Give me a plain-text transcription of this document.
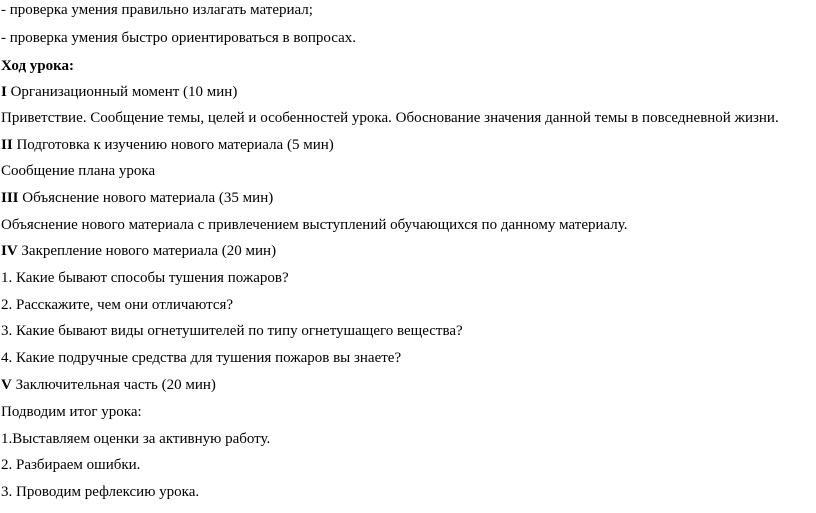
- проверка умения правильно излагать материал;
- проверка умения быстро ориентироваться в вопросах.
Ход урока:
I Организационный момент (10 мин)
Приветствие. Сообщение темы, целей и особенностей урока. Обоснование значения данной темы в повседневной жизни.
II Подготовка к изучению нового материала (5 мин)
Сообщение плана урока
III Объяснение нового материала (35 мин)
Объяснение нового материала с привлечением выступлений обучающихся по данному материалу.
IV Закрепление нового материала (20 мин)
1. Какие бывают способы тушения пожаров?
2. Расскажите, чем они отличаются?
3. Какие бывают виды огнетушителей по типу огнетушащего вещества?
4. Какие подручные средства для тушения пожаров вы знаете?
V Заключительная часть (20 мин)
Подводим итог урока:
1.Выставляем оценки за активную работу.
2. Разбираем ошибки.
3. Проводим рефлексию урока.
